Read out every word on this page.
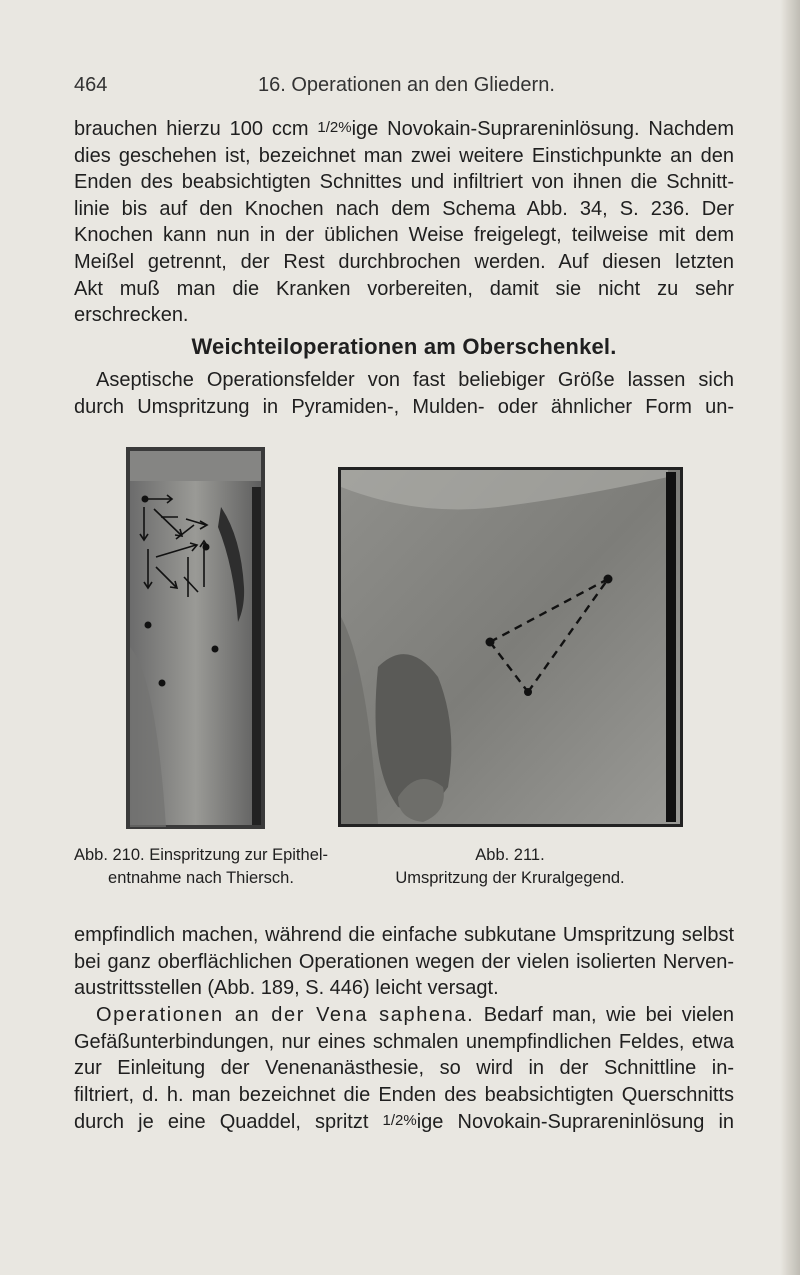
464	16. Operationen an den Gliedern.
brauchen hierzu 100 ccm 1/2%ige Novokain-Suprareninlösung. Nachdem
dies geschehen ist, bezeichnet man zwei weitere Einstichpunkte an den
Enden des beabsichtigten Schnittes und infiltriert von ihnen die Schnitt-
linie bis auf den Knochen nach dem Schema Abb. 34, S. 236. Der
Knochen kann nun in der üblichen Weise freigelegt, teilweise mit dem
Meißel getrennt, der Rest durchbrochen werden. Auf diesen letzten
Akt muß man die Kranken vorbereiten, damit sie nicht zu sehr
erschrecken.
Weichteiloperationen am Oberschenkel.
Aseptische Operationsfelder von fast beliebiger Größe lassen sich
durch Umspritzung in Pyramiden-, Mulden- oder ähnlicher Form un-
Abb. 210. Einspritzung zur Epithel-
entnahme nach Thiersch.
Abb. 211.
Umspritzung der Kruralgegend.
empfindlich machen, während die einfache subkutane Umspritzung selbst
bei ganz oberflächlichen Operationen wegen der vielen isolierten Nerven-
austrittsstellen (Abb. 189, S. 446) leicht versagt.
Operationen an der Vena saphena. Bedarf man, wie bei vielen
Gefäßunterbindungen, nur eines schmalen unempfindlichen Feldes, etwa
zur Einleitung der Venenanästhesie, so wird in der Schnittline in-
filtriert, d. h. man bezeichnet die Enden des beabsichtigten Querschnitts
durch je eine Quaddel, spritzt 1/2%ige Novokain-Suprareninlösung in
